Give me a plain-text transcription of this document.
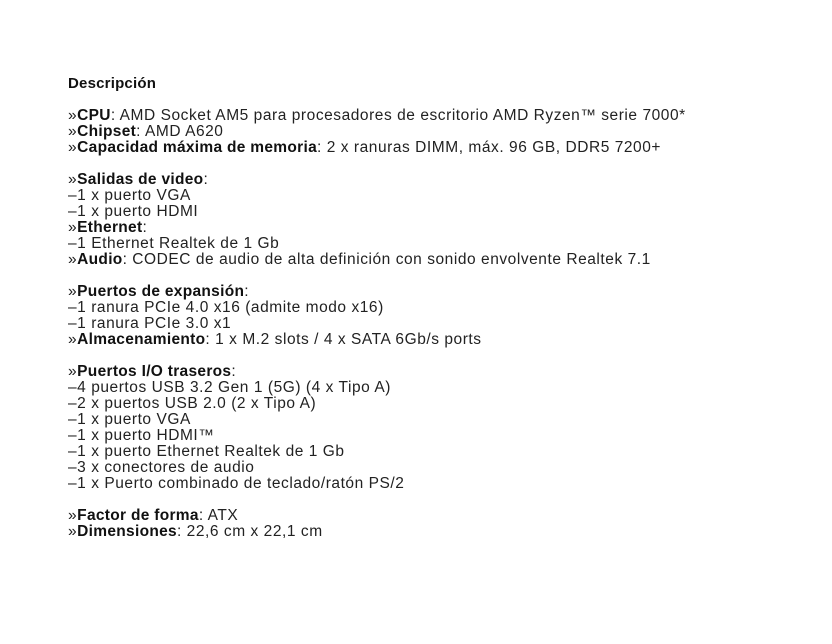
Descripción
»CPU: AMD Socket AM5 para procesadores de escritorio AMD Ryzen™ serie 7000*
»Chipset: AMD A620
»Capacidad máxima de memoria: 2 x ranuras DIMM, máx. 96 GB, DDR5 7200+
»Salidas de video:
–1 x puerto VGA
–1 x puerto HDMI
»Ethernet:
–1 Ethernet Realtek de 1 Gb
»Audio: CODEC de audio de alta definición con sonido envolvente Realtek 7.1
»Puertos de expansión:
–1 ranura PCIe 4.0 x16 (admite modo x16)
–1 ranura PCIe 3.0 x1
»Almacenamiento: 1 x M.2 slots / 4 x SATA 6Gb/s ports
»Puertos I/O traseros:
–4 puertos USB 3.2 Gen 1 (5G) (4 x Tipo A)
–2 x puertos USB 2.0 (2 x Tipo A)
–1 x puerto VGA
–1 x puerto HDMI™
–1 x puerto Ethernet Realtek de 1 Gb
–3 x conectores de audio
–1 x Puerto combinado de teclado/ratón PS/2
»Factor de forma: ATX
»Dimensiones: 22,6 cm x 22,1 cm
